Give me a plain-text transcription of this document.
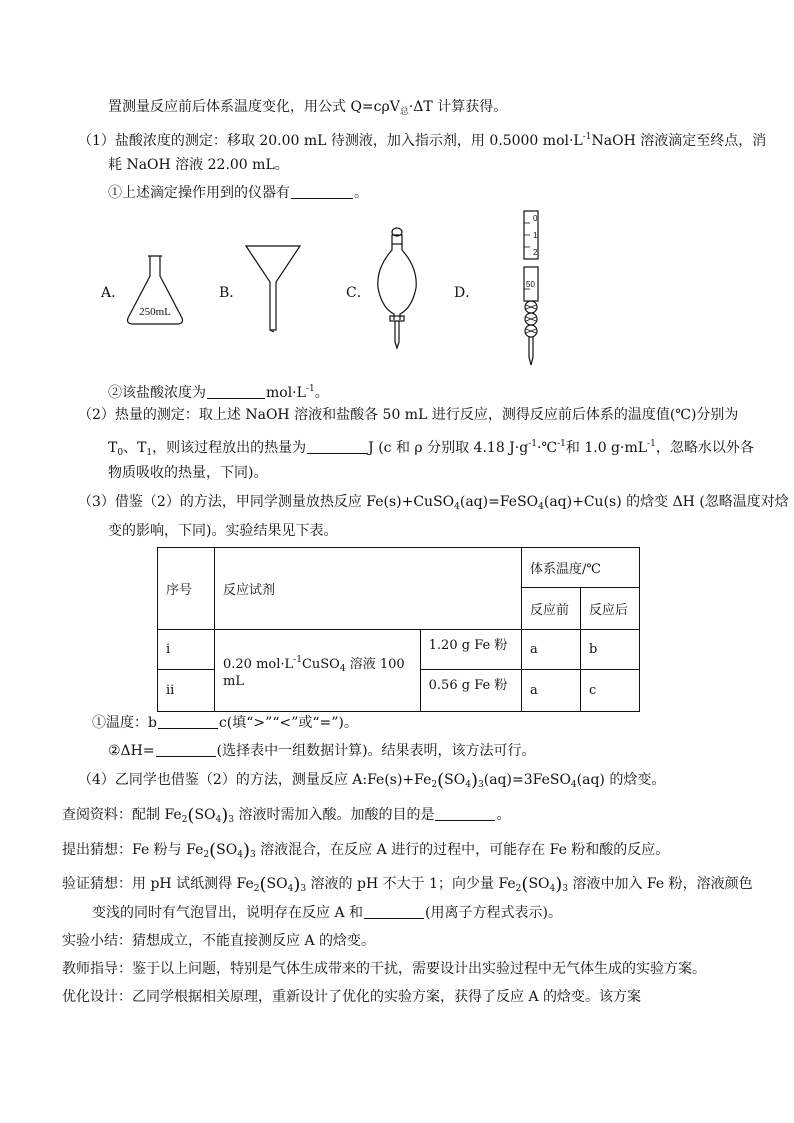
置测量反应前后体系温度变化，用公式 Q=cρV$_总$·ΔT 计算获得。
（1）盐酸浓度的测定：移取 20.00 mL 待测液，加入指示剂，用 0.5000 $mol\cdot L^{-1}NaOH$ 溶液滴定至终点，消
耗 NaOH 溶液 22.00 mL。
①上述滴定操作用到的仪器有	。
A．	B．	C．	D．
250mL
0
1
2
50
②该盐酸浓度为	$mol\cdot L^{-1}$。
（2）热量的测定：取上述 NaOH 溶液和盐酸各 50 mL 进行反应，测得反应前后体系的温度值(℃)分别为
$T_0$、$T_1$，则该过程放出的热量为	J (c 和 ρ 分别取 4.18 $J\cdot g^{-1}\cdot℃^{-1}$和 1.0 $g\cdot mL^{-1}$，忽略水以外各
物质吸收的热量，下同)。
（3）借鉴（2）的方法，甲同学测量放热反应 Fe(s)+CuSO$_4$(aq)=FeSO$_4$(aq)+Cu(s) 的焓变 ΔH (忽略温度对焓
变的影响，下同)。实验结果见下表。
序号	反应试剂		体系温度/℃	
			反应前	反应后
i	0.20 $mol\cdot L^{-1}CuSO_4$ 溶液 100 mL	1.20 g Fe 粉	a	b
ii		0.56 g Fe 粉	a	c
①温度：b	c(填“>”“<”或“=”)。
②ΔH=	(选择表中一组数据计算)。结果表明，该方法可行。
（4）乙同学也借鉴（2）的方法，测量反应 $A:Fe(s)+Fe_2(SO_4)_3(aq)=3FeSO_4(aq)$ 的焓变。
查阅资料：配制 $Fe_2(SO_4)_3$ 溶液时需加入酸。加酸的目的是	。
提出猜想：Fe 粉与 $Fe_2(SO_4)_3$ 溶液混合，在反应 A 进行的过程中，可能存在 Fe 粉和酸的反应。
验证猜想：用 pH 试纸测得 $Fe_2(SO_4)_3$ 溶液的 pH 不大于 1；向少量 $Fe_2(SO_4)_3$ 溶液中加入 Fe 粉，溶液颜色
变浅的同时有气泡冒出，说明存在反应 A 和	(用离子方程式表示)。
实验小结：猜想成立，不能直接测反应 A 的焓变。
教师指导：鉴于以上问题，特别是气体生成带来的干扰，需要设计出实验过程中无气体生成的实验方案。
优化设计：乙同学根据相关原理，重新设计了优化的实验方案，获得了反应 A 的焓变。该方案
